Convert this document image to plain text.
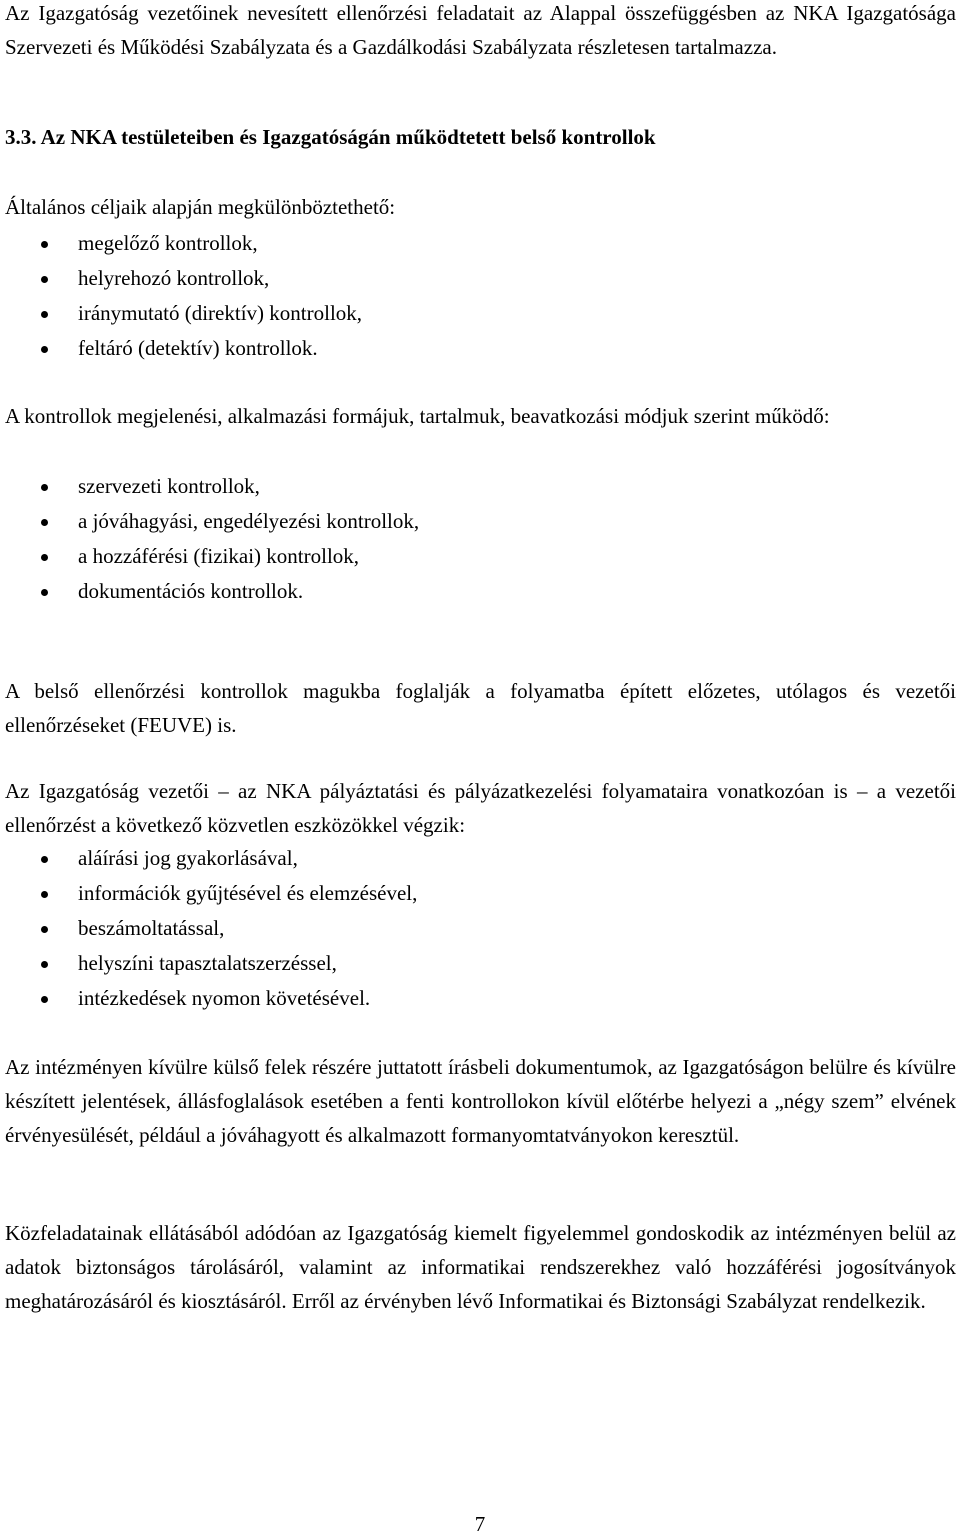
Az Igazgatóság vezetőinek nevesített ellenőrzési feladatait az Alappal összefüggésben az NKA Igazgatósága Szervezeti és Működési Szabályzata és a Gazdálkodási Szabályzata részletesen tartalmazza.

3.3. Az NKA testületeiben és Igazgatóságán működtetett belső kontrollok

Általános céljaik alapján megkülönböztethető:

megelőző kontrollok,
helyrehozó kontrollok,
iránymutató (direktív) kontrollok,
feltáró (detektív) kontrollok.

A kontrollok megjelenési, alkalmazási formájuk, tartalmuk, beavatkozási módjuk szerint működő:

szervezeti kontrollok,
a jóváhagyási, engedélyezési kontrollok,
a hozzáférési (fizikai) kontrollok,
dokumentációs kontrollok.

A belső ellenőrzési kontrollok magukba foglalják a folyamatba épített előzetes, utólagos és vezetői ellenőrzéseket (FEUVE) is.

Az Igazgatóság vezetői – az NKA pályáztatási és pályázatkezelési folyamataira vonatkozóan is – a vezetői ellenőrzést a következő közvetlen eszközökkel végzik:

aláírási jog gyakorlásával,
információk gyűjtésével és elemzésével,
beszámoltatással,
helyszíni tapasztalatszerzéssel,
intézkedések nyomon követésével.

Az intézményen kívülre külső felek részére juttatott írásbeli dokumentumok, az Igazgatóságon belülre és kívülre készített jelentések, állásfoglalások esetében a fenti kontrollokon kívül előtérbe helyezi a „négy szem” elvének érvényesülését, például a jóváhagyott és alkalmazott formanyomtatványokon keresztül.

Közfeladatainak ellátásából adódóan az Igazgatóság kiemelt figyelemmel gondoskodik az intézményen belül az adatok biztonságos tárolásáról, valamint az informatikai rendszerekhez való hozzáférési jogosítványok meghatározásáról és kiosztásáról. Erről az érvényben lévő Informatikai és Biztonsági Szabályzat rendelkezik.

7
